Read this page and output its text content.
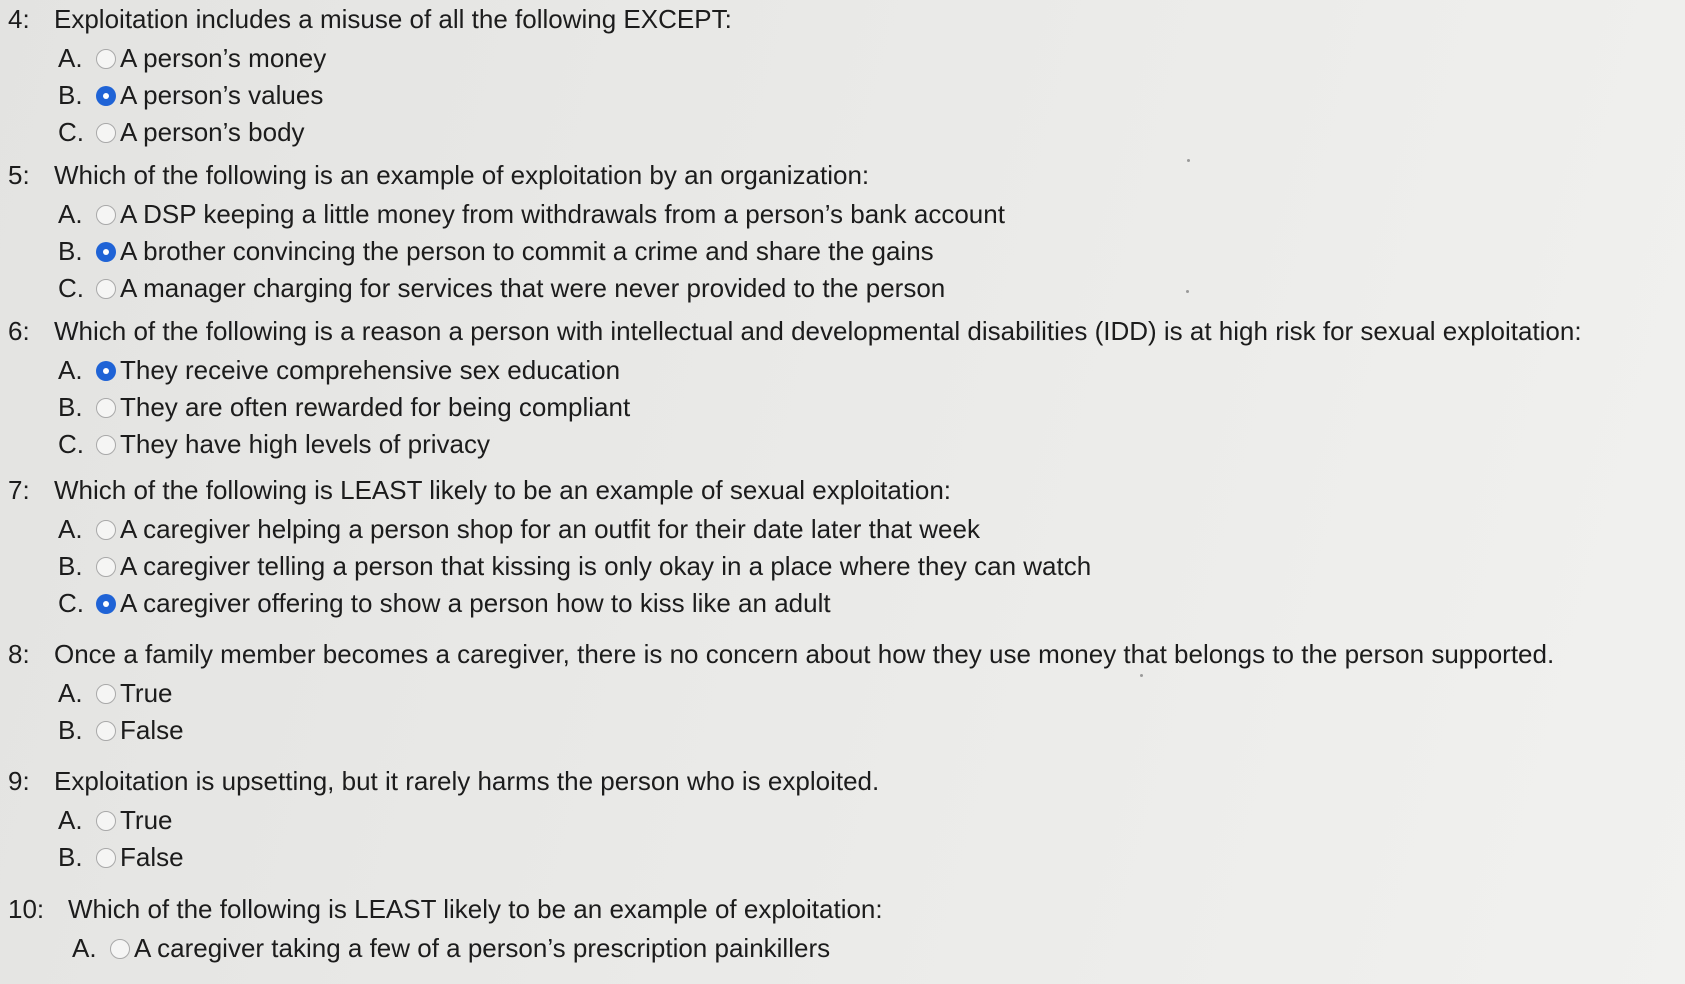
4: Exploitation includes a misuse of all the following EXCEPT:
A.	A person’s money
B.	A person’s values
C.	A person’s body
5: Which of the following is an example of exploitation by an organization:
A.	A DSP keeping a little money from withdrawals from a person’s bank account
B.	A brother convincing the person to commit a crime and share the gains
C.	A manager charging for services that were never provided to the person
6: Which of the following is a reason a person with intellectual and developmental disabilities (IDD) is at high risk for sexual exploitation:
A.	They receive comprehensive sex education
B.	They are often rewarded for being compliant
C.	They have high levels of privacy
7: Which of the following is LEAST likely to be an example of sexual exploitation:
A.	A caregiver helping a person shop for an outfit for their date later that week
B.	A caregiver telling a person that kissing is only okay in a place where they can watch
C.	A caregiver offering to show a person how to kiss like an adult
8: Once a family member becomes a caregiver, there is no concern about how they use money that belongs to the person supported.
A.	True
B.	False
9: Exploitation is upsetting, but it rarely harms the person who is exploited.
A.	True
B.	False
10: Which of the following is LEAST likely to be an example of exploitation:
A.	A caregiver taking a few of a person’s prescription painkillers
